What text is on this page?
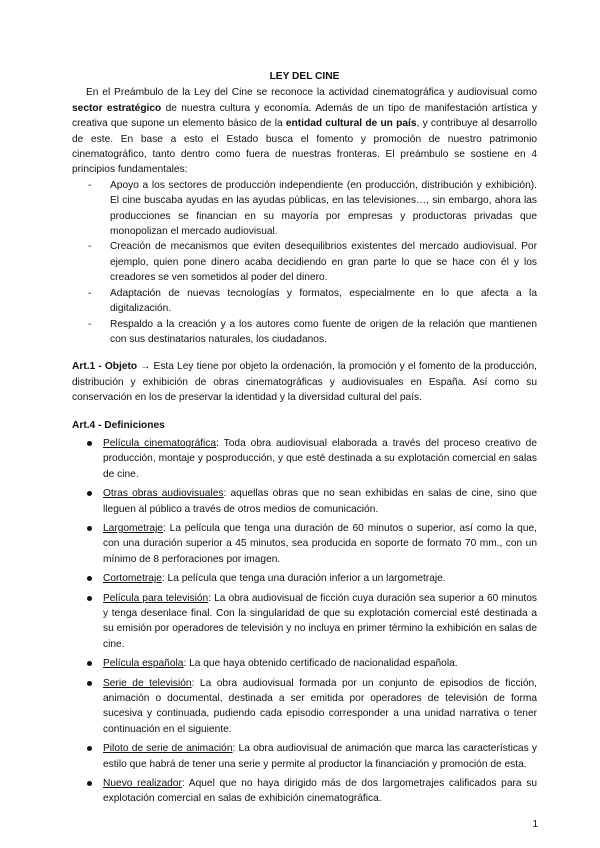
LEY DEL CINE

En el Preámbulo de la Ley del Cine se reconoce la actividad cinematográfica y audiovisual como sector estratégico de nuestra cultura y economía. Además de un tipo de manifestación artística y creativa que supone un elemento básico de la entidad cultural de un país, y contribuye al desarrollo de este. En base a esto el Estado busca el fomento y promoción de nuestro patrimonio cinematográfico, tanto dentro como fuera de nuestras fronteras. El preámbulo se sostiene en 4 principios fundamentales:

- Apoyo a los sectores de producción independiente (en producción, distribución y exhibición). El cine buscaba ayudas en las ayudas públicas, en las televisiones…, sin embargo, ahora las producciones se financian en su mayoría por empresas y productoras privadas que monopolizan el mercado audiovisual.
- Creación de mecanismos que eviten desequilibrios existentes del mercado audiovisual. Por ejemplo, quien pone dinero acaba decidiendo en gran parte lo que se hace con él y los creadores se ven sometidos al poder del dinero.
- Adaptación de nuevas tecnologías y formatos, especialmente en lo que afecta a la digitalización.
- Respaldo a la creación y a los autores como fuente de origen de la relación que mantienen con sus destinatarios naturales, los ciudadanos.

Art.1 - Objeto → Esta Ley tiene por objeto la ordenación, la promoción y el fomento de la producción, distribución y exhibición de obras cinematográficas y audiovisuales en España. Así como su conservación en los de preservar la identidad y la diversidad cultural del país.

Art.4 - Definiciones
Película cinematográfica: Toda obra audiovisual elaborada a través del proceso creativo de producción, montaje y posproducción, y que esté destinada a su explotación comercial en salas de cine.
Otras obras audiovisuales: aquellas obras que no sean exhibidas en salas de cine, sino que lleguen al público a través de otros medios de comunicación.
Largometraje: La película que tenga una duración de 60 minutos o superior, así como la que, con una duración superior a 45 minutos, sea producida en soporte de formato 70 mm., con un mínimo de 8 perforaciones por imagen.
Cortometraje: La película que tenga una duración inferior a un largometraje.
Película para televisión: La obra audiovisual de ficción cuya duración sea superior a 60 minutos y tenga desenlace final. Con la singularidad de que su explotación comercial esté destinada a su emisión por operadores de televisión y no incluya en primer término la exhibición en salas de cine.
Película española: La que haya obtenido certificado de nacionalidad española.
Serie de televisión: La obra audiovisual formada por un conjunto de episodios de ficción, animación o documental, destinada a ser emitida por operadores de televisión de forma sucesiva y continuada, pudiendo cada episodio corresponder a una unidad narrativa o tener continuación en el siguiente.
Piloto de serie de animación: La obra audiovisual de animación que marca las características y estilo que habrá de tener una serie y permite al productor la financiación y promoción de esta.
Nuevo realizador: Aquel que no haya dirigido más de dos largometrajes calificados para su explotación comercial en salas de exhibición cinematográfica.
1
